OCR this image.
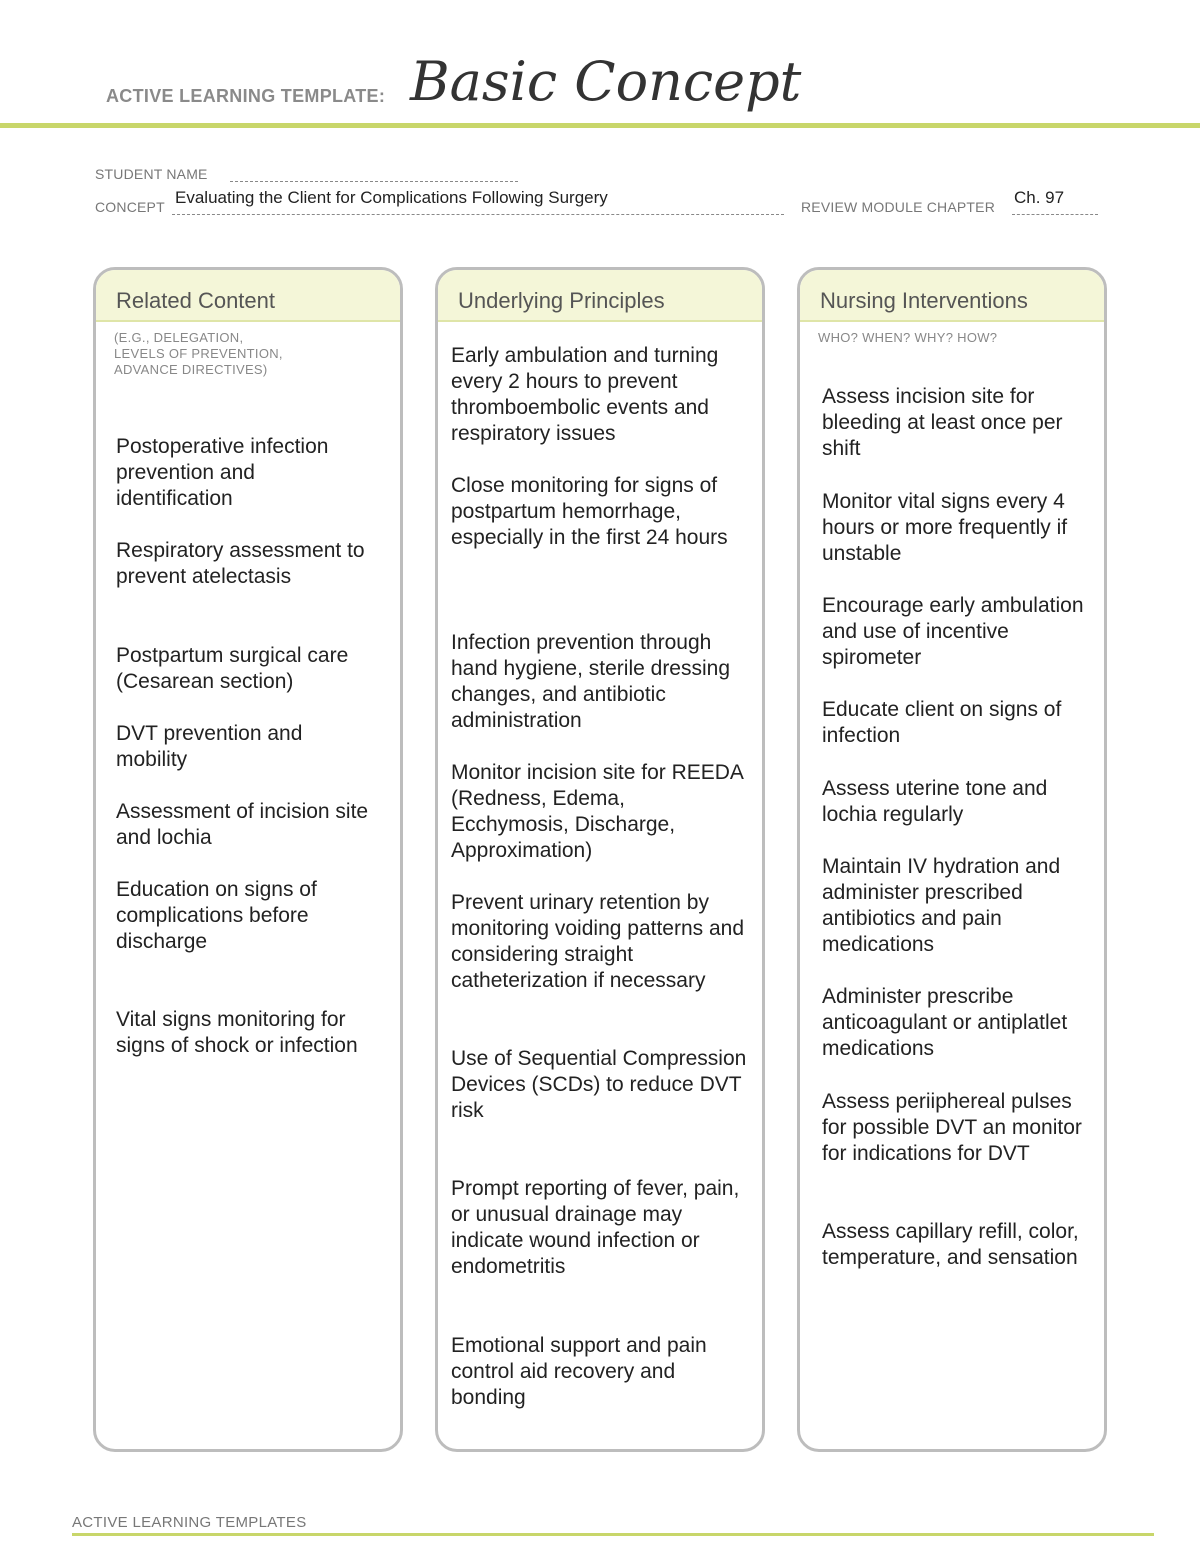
ACTIVE LEARNING TEMPLATE: Basic Concept
STUDENT NAME
CONCEPT Evaluating the Client for Complications Following Surgery	REVIEW MODULE CHAPTER Ch. 97
Related Content
(E.G., DELEGATION,
LEVELS OF PREVENTION,
ADVANCE DIRECTIVES)
Postoperative infection prevention and identification
Respiratory assessment to prevent atelectasis
Postpartum surgical care (Cesarean section)
DVT prevention and mobility
Assessment of incision site and lochia
Education on signs of complications before discharge
Vital signs monitoring for signs of shock or infection
Underlying Principles
Early ambulation and turning every 2 hours to prevent thromboembolic events and respiratory issues
Close monitoring for signs of postpartum hemorrhage, especially in the first 24 hours
Infection prevention through hand hygiene, sterile dressing changes, and antibiotic administration
Monitor incision site for REEDA (Redness, Edema, Ecchymosis, Discharge, Approximation)
Prevent urinary retention by monitoring voiding patterns and considering straight catheterization if necessary
Use of Sequential Compression Devices (SCDs) to reduce DVT risk
Prompt reporting of fever, pain, or unusual drainage may indicate wound infection or endometritis
Emotional support and pain control aid recovery and bonding
Nursing Interventions
WHO? WHEN? WHY? HOW?
Assess incision site for bleeding at least once per shift
Monitor vital signs every 4 hours or more frequently if unstable
Encourage early ambulation and use of incentive spirometer
Educate client on signs of infection
Assess uterine tone and lochia regularly
Maintain IV hydration and administer prescribed antibiotics and pain medications
Administer prescribe anticoagulant or antiplatlet medications
Assess periiphereal pulses for possible DVT an monitor for indications for DVT
Assess capillary refill, color, temperature, and sensation
ACTIVE LEARNING TEMPLATES
